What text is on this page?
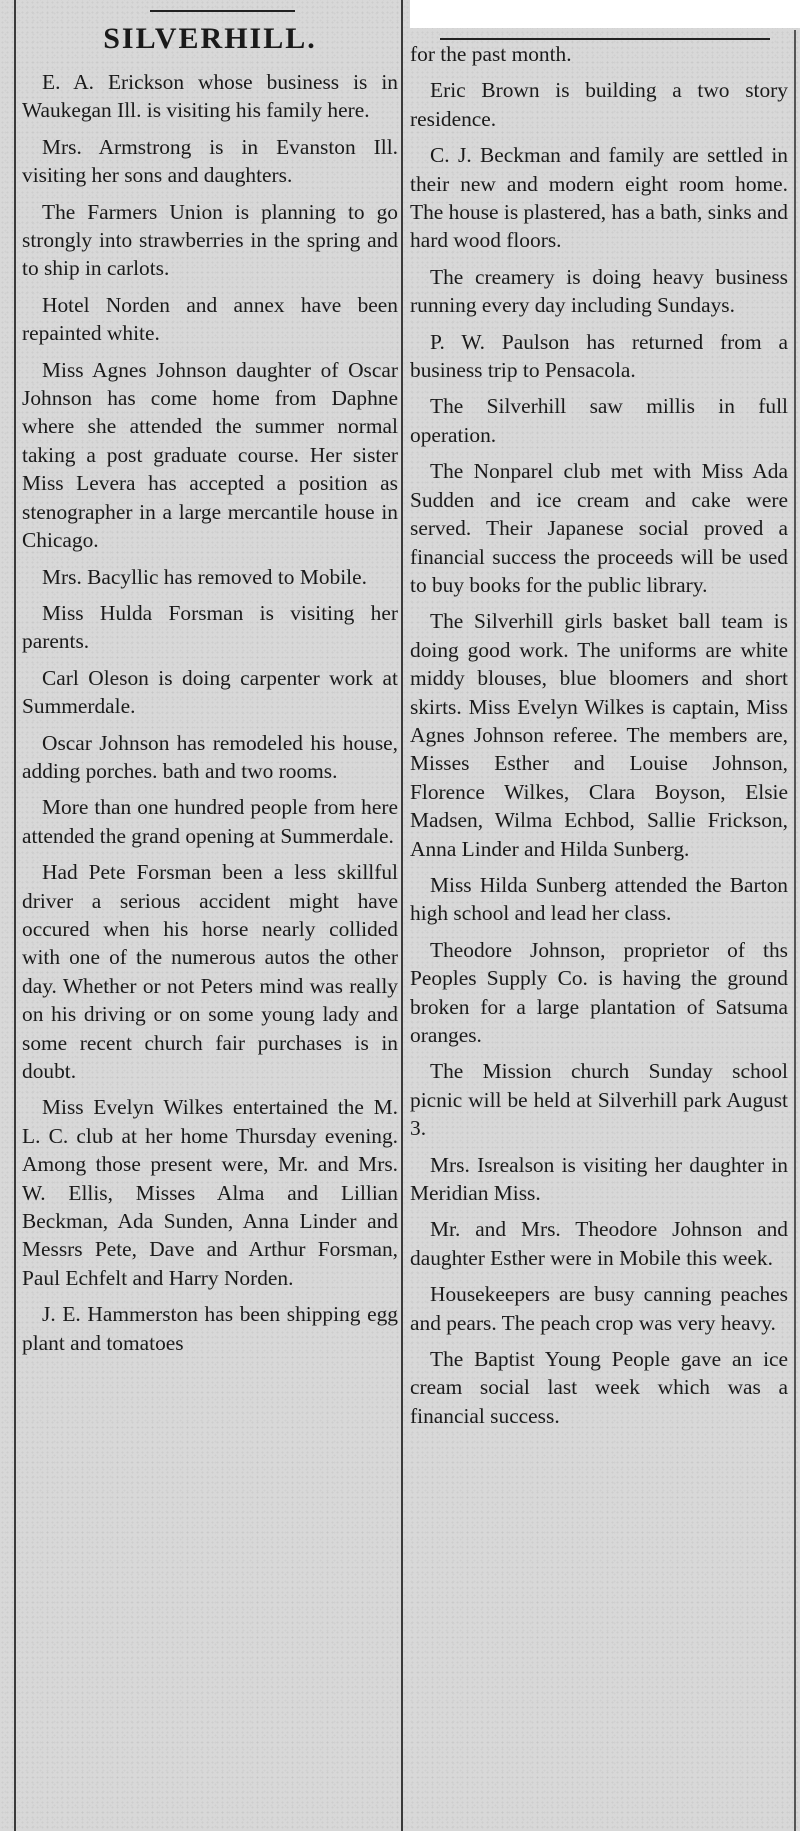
SILVERHILL.

E. A. Erickson whose business is in Waukegan Ill. is visiting his family here.

Mrs. Armstrong is in Evanston Ill. visiting her sons and daughters.

The Farmers Union is planning to go strongly into strawberries in the spring and to ship in carlots.

Hotel Norden and annex have been repainted white.

Miss Agnes Johnson daughter of Oscar Johnson has come home from Daphne where she attended the summer normal taking a post graduate course. Her sister Miss Levera has accepted a position as stenographer in a large mercantile house in Chicago.

Mrs. Bacyllic has removed to Mobile.

Miss Hulda Forsman is visiting her parents.

Carl Oleson is doing carpenter work at Summerdale.

Oscar Johnson has remodeled his house, adding porches. bath and two rooms.

More than one hundred people from here attended the grand opening at Summerdale.

Had Pete Forsman been a less skillful driver a serious accident might have occured when his horse nearly collided with one of the numerous autos the other day. Whether or not Peters mind was really on his driving or on some young lady and some recent church fair purchases is in doubt.

Miss Evelyn Wilkes entertained the M. L. C. club at her home Thursday evening. Among those present were, Mr. and Mrs. W. Ellis, Misses Alma and Lillian Beckman, Ada Sunden, Anna Linder and Messrs Pete, Dave and Arthur Forsman, Paul Echfelt and Harry Norden.

J. E. Hammerston has been shipping egg plant and tomatoes

for the past month.

Eric Brown is building a two story residence.

C. J. Beckman and family are settled in their new and modern eight room home. The house is plastered, has a bath, sinks and hard wood floors.

The creamery is doing heavy business running every day including Sundays.

P. W. Paulson has returned from a business trip to Pensacola.

The Silverhill saw millis in full operation.

The Nonparel club met with Miss Ada Sudden and ice cream and cake were served. Their Japanese social proved a financial success the proceeds will be used to buy books for the public library.

The Silverhill girls basket ball team is doing good work. The uniforms are white middy blouses, blue bloomers and short skirts. Miss Evelyn Wilkes is captain, Miss Agnes Johnson referee. The members are, Misses Esther and Louise Johnson, Florence Wilkes, Clara Boyson, Elsie Madsen, Wilma Echbod, Sallie Frickson, Anna Linder and Hilda Sunberg.

Miss Hilda Sunberg attended the Barton high school and lead her class.

Theodore Johnson, proprietor of ths Peoples Supply Co. is having the ground broken for a large plantation of Satsuma oranges.

The Mission church Sunday school picnic will be held at Silverhill park August 3.

Mrs. Isrealson is visiting her daughter in Meridian Miss.

Mr. and Mrs. Theodore Johnson and daughter Esther were in Mobile this week.

Housekeepers are busy canning peaches and pears. The peach crop was very heavy.

The Baptist Young People gave an ice cream social last week which was a financial success.
